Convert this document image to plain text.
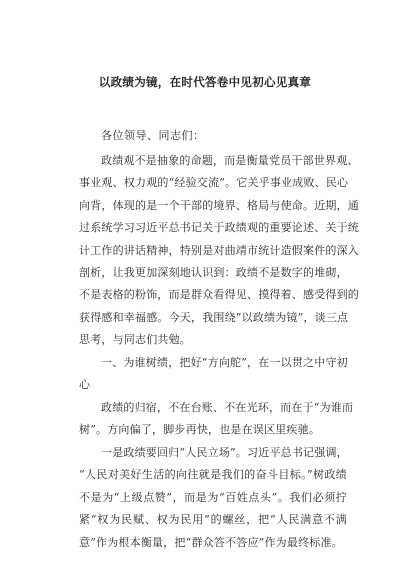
以政绩为镜，在时代答卷中见初心见真章
各位领导、同志们：
政绩观不是抽象的命题，而是衡量党员干部世界观、
事业观、权力观的“经验交流”。它关乎事业成败、民心
向背，体现的是一个干部的境界、格局与使命。近期，通
过系统学习习近平总书记关于政绩观的重要论述、关于统
计工作的讲话精神，特别是对曲靖市统计造假案件的深入
剖析，让我更加深刻地认识到：政绩不是数字的堆砌，
不是表格的粉饰，而是群众看得见、摸得着、感受得到的
获得感和幸福感。今天，我围绕“以政绩为镜”，谈三点
思考，与同志们共勉。
一、为谁树绩，把好“方向舵”，在一以贯之中守初
心
政绩的归宿，不在台账、不在光环，而在于“为谁而
树”。方向偏了，脚步再快，也是在误区里疾驰。
一是政绩要回归“人民立场”。习近平总书记强调，
“人民对美好生活的向往就是我们的奋斗目标。”树政绩
不是为“上级点赞”，而是为“百姓点头”。我们必须拧
紧“权为民赋、权为民用”的螺丝，把“人民满意不满
意”作为根本衡量，把“群众答不答应”作为最终标准。
